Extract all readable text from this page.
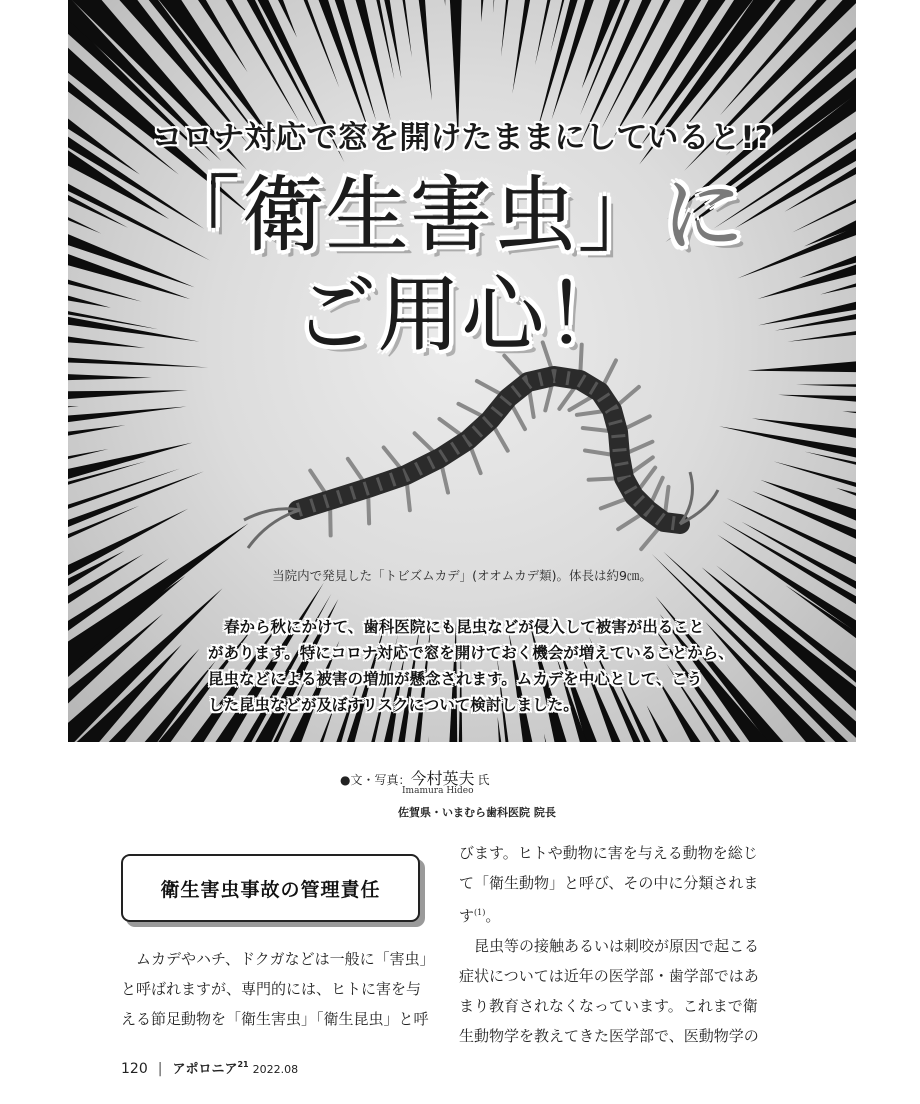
コロナ対応で窓を開けたままにしていると!?
「衛生害虫」に
ご用心！
当院内で発見した「トビズムカデ」(オオムカデ類)。体長は約9㎝。
春から秋にかけて、歯科医院にも昆虫などが侵入して被害が出ること
があります。特にコロナ対応で窓を開けておく機会が増えていることから、
昆虫などによる被害の増加が懸念されます。ムカデを中心として、こう
した昆虫などが及ぼすリスクについて検討しました。
●文・写真：今村英夫 氏
Imamura Hideo
佐賀県・いまむら歯科医院 院長
衛生害虫事故の管理責任
ムカデやハチ、ドクガなどは一般に「害虫」
と呼ばれますが、専門的には、ヒトに害を与
える節足動物を「衛生害虫」「衛生昆虫」と呼
びます。ヒトや動物に害を与える動物を総じ
て「衛生動物」と呼び、その中に分類されま
す$^{(1)}$。
昆虫等の接触あるいは刺咬が原因で起こる
症状については近年の医学部・歯学部ではあ
まり教育されなくなっています。これまで衛
生動物学を教えてきた医学部で、医動物学の
120 | アポロニア$^{21}$ 2022.08
